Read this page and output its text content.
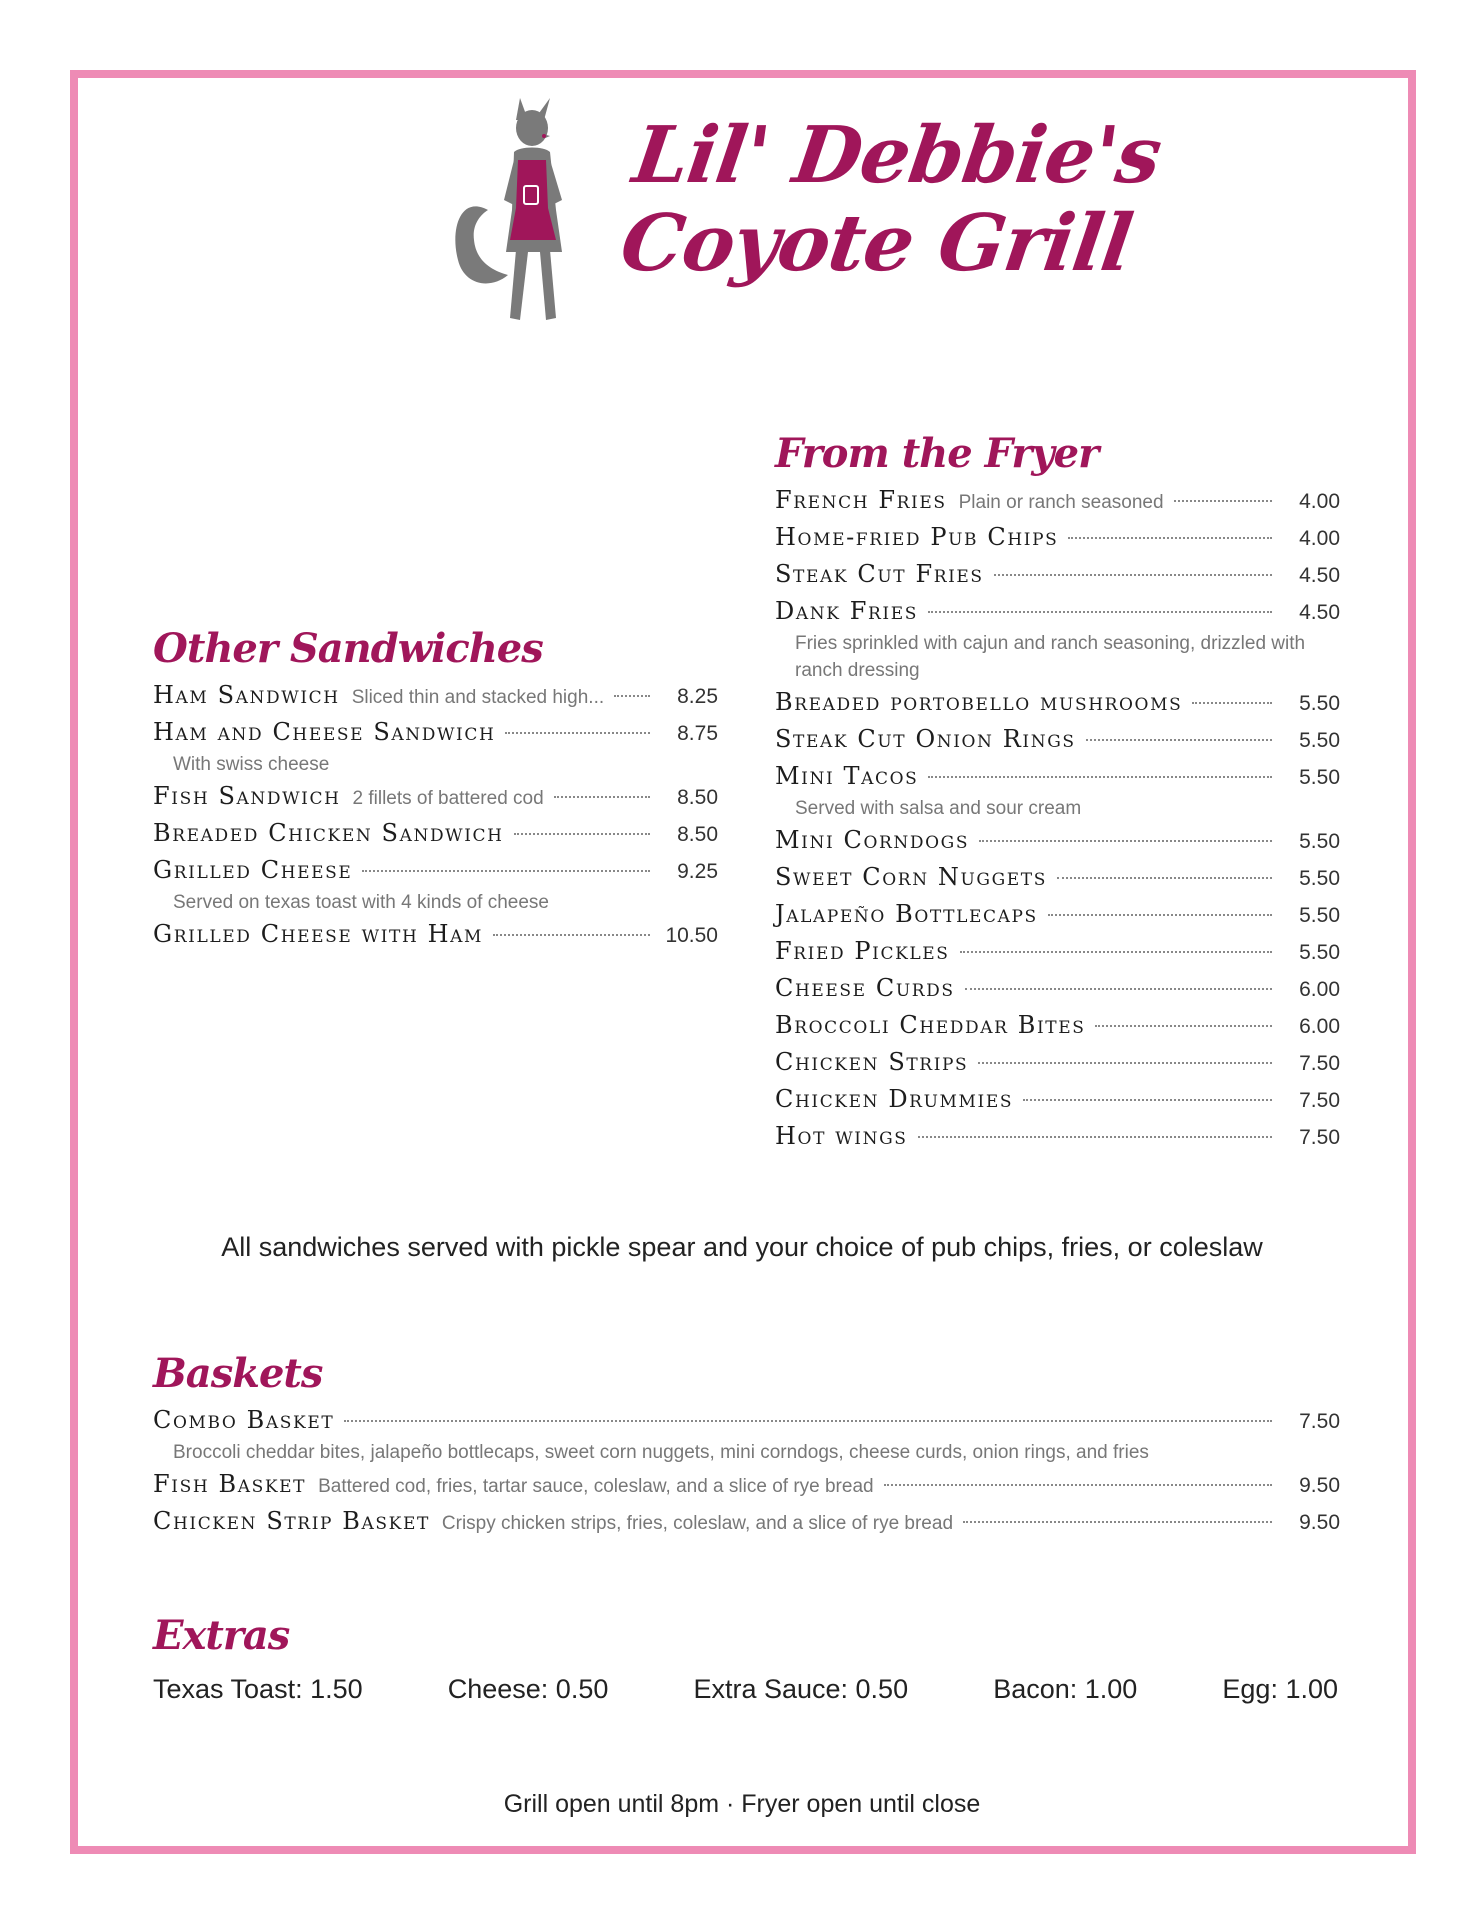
Lil' Debbie's
Coyote Grill
From the Fryer
French Fries Plain or ranch seasoned	4.00
Home-fried Pub Chips	4.00
Steak Cut Fries	4.50
Dank Fries	4.50
Fries sprinkled with cajun and ranch seasoning, drizzled with ranch dressing
Breaded portobello mushrooms	5.50
Steak Cut Onion Rings	5.50
Mini Tacos	5.50
Served with salsa and sour cream
Mini Corndogs	5.50
Sweet Corn Nuggets	5.50
Jalapeño Bottlecaps	5.50
Fried Pickles	5.50
Cheese Curds	6.00
Broccoli Cheddar Bites	6.00
Chicken Strips	7.50
Chicken Drummies	7.50
Hot wings	7.50
Other Sandwiches
Ham Sandwich Sliced thin and stacked high...	8.25
Ham and Cheese Sandwich	8.75
With swiss cheese
Fish Sandwich 2 fillets of battered cod	8.50
Breaded Chicken Sandwich	8.50
Grilled Cheese	9.25
Served on texas toast with 4 kinds of cheese
Grilled Cheese with Ham	10.50
All sandwiches served with pickle spear and your choice of pub chips, fries, or coleslaw
Baskets
Combo Basket	7.50
Broccoli cheddar bites, jalapeño bottlecaps, sweet corn nuggets, mini corndogs, cheese curds, onion rings, and fries
Fish Basket Battered cod, fries, tartar sauce, coleslaw, and a slice of rye bread	9.50
Chicken Strip Basket Crispy chicken strips, fries, coleslaw, and a slice of rye bread	9.50
Extras
Texas Toast: 1.50	Cheese: 0.50	Extra Sauce: 0.50	Bacon: 1.00	Egg: 1.00
Grill open until 8pm · Fryer open until close
